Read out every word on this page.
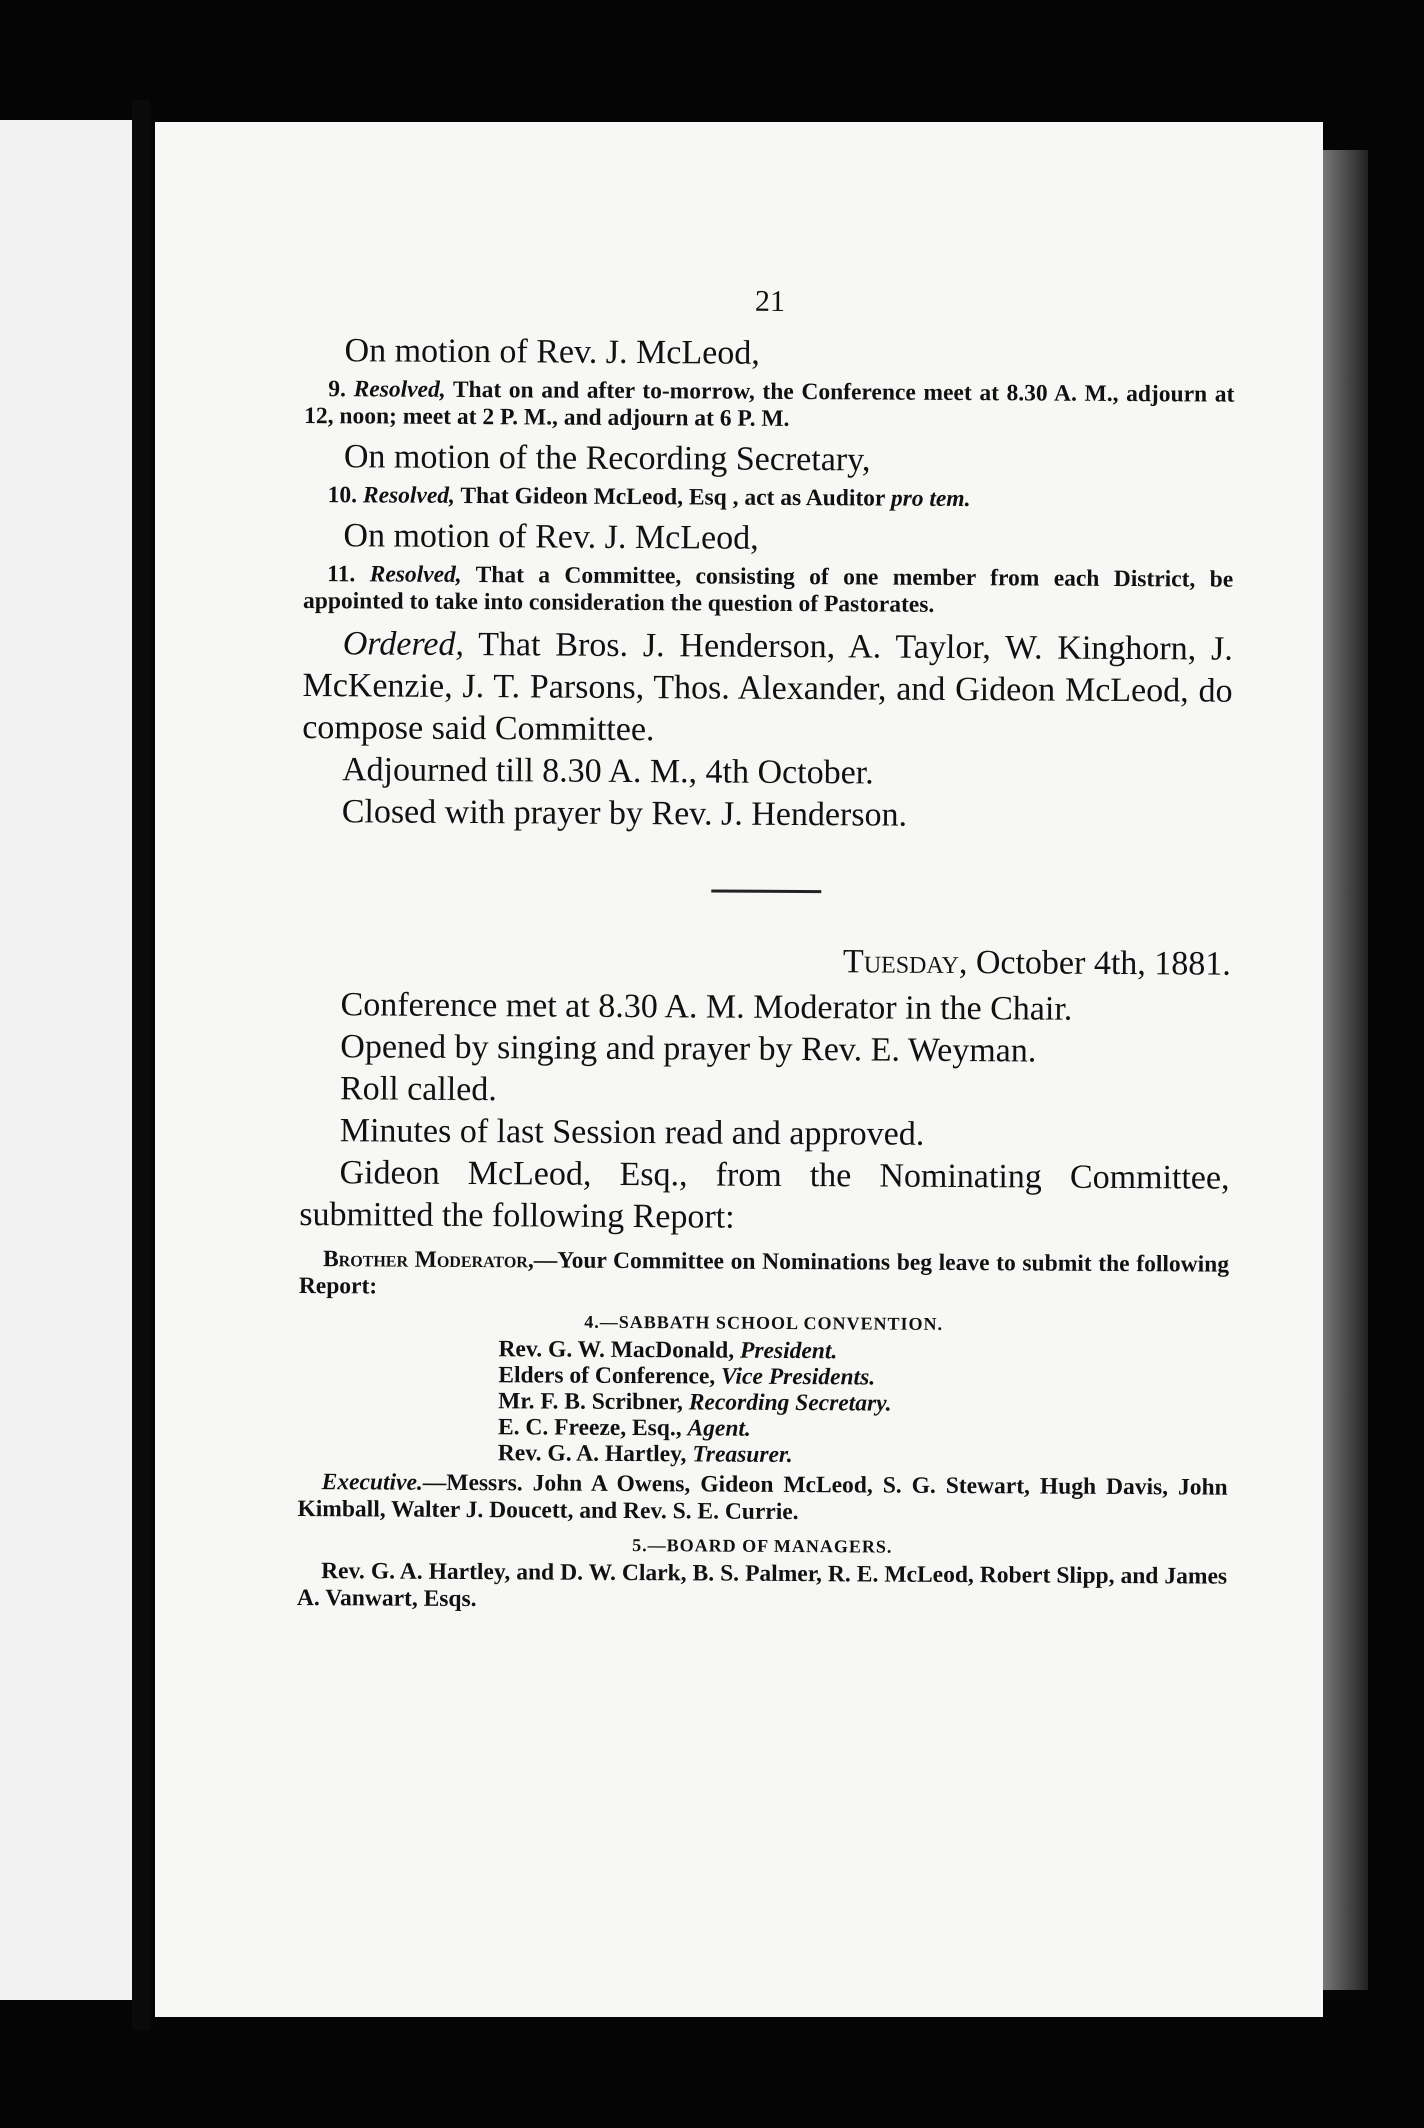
21

On motion of Rev. J. McLeod,

9. Resolved, That on and after to-morrow, the Conference meet at 8.30 A. M., adjourn at 12, noon; meet at 2 P. M., and adjourn at 6 P. M.

On motion of the Recording Secretary,

10. Resolved, That Gideon McLeod, Esq , act as Auditor pro tem.

On motion of Rev. J. McLeod,

11. Resolved, That a Committee, consisting of one member from each District, be appointed to take into consideration the question of Pastorates.

Ordered, That Bros. J. Henderson, A. Taylor, W. Kinghorn, J. McKenzie, J. T. Parsons, Thos. Alexander, and Gideon McLeod, do compose said Committee.

Adjourned till 8.30 A. M., 4th October.

Closed with prayer by Rev. J. Henderson.

Tuesday, October 4th, 1881.

Conference met at 8.30 A. M. Moderator in the Chair.

Opened by singing and prayer by Rev. E. Weyman.

Roll called.

Minutes of last Session read and approved.

Gideon McLeod, Esq., from the Nominating Committee, submitted the following Report:

Brother Moderator,—Your Committee on Nominations beg leave to submit the following Report:

4.—SABBATH SCHOOL CONVENTION.
Rev. G. W. MacDonald, President.
Elders of Conference, Vice Presidents.
Mr. F. B. Scribner, Recording Secretary.
E. C. Freeze, Esq., Agent.
Rev. G. A. Hartley, Treasurer.

Executive.—Messrs. John A Owens, Gideon McLeod, S. G. Stewart, Hugh Davis, John Kimball, Walter J. Doucett, and Rev. S. E. Currie.

5.—BOARD OF MANAGERS.

Rev. G. A. Hartley, and D. W. Clark, B. S. Palmer, R. E. McLeod, Robert Slipp, and James A. Vanwart, Esqs.
